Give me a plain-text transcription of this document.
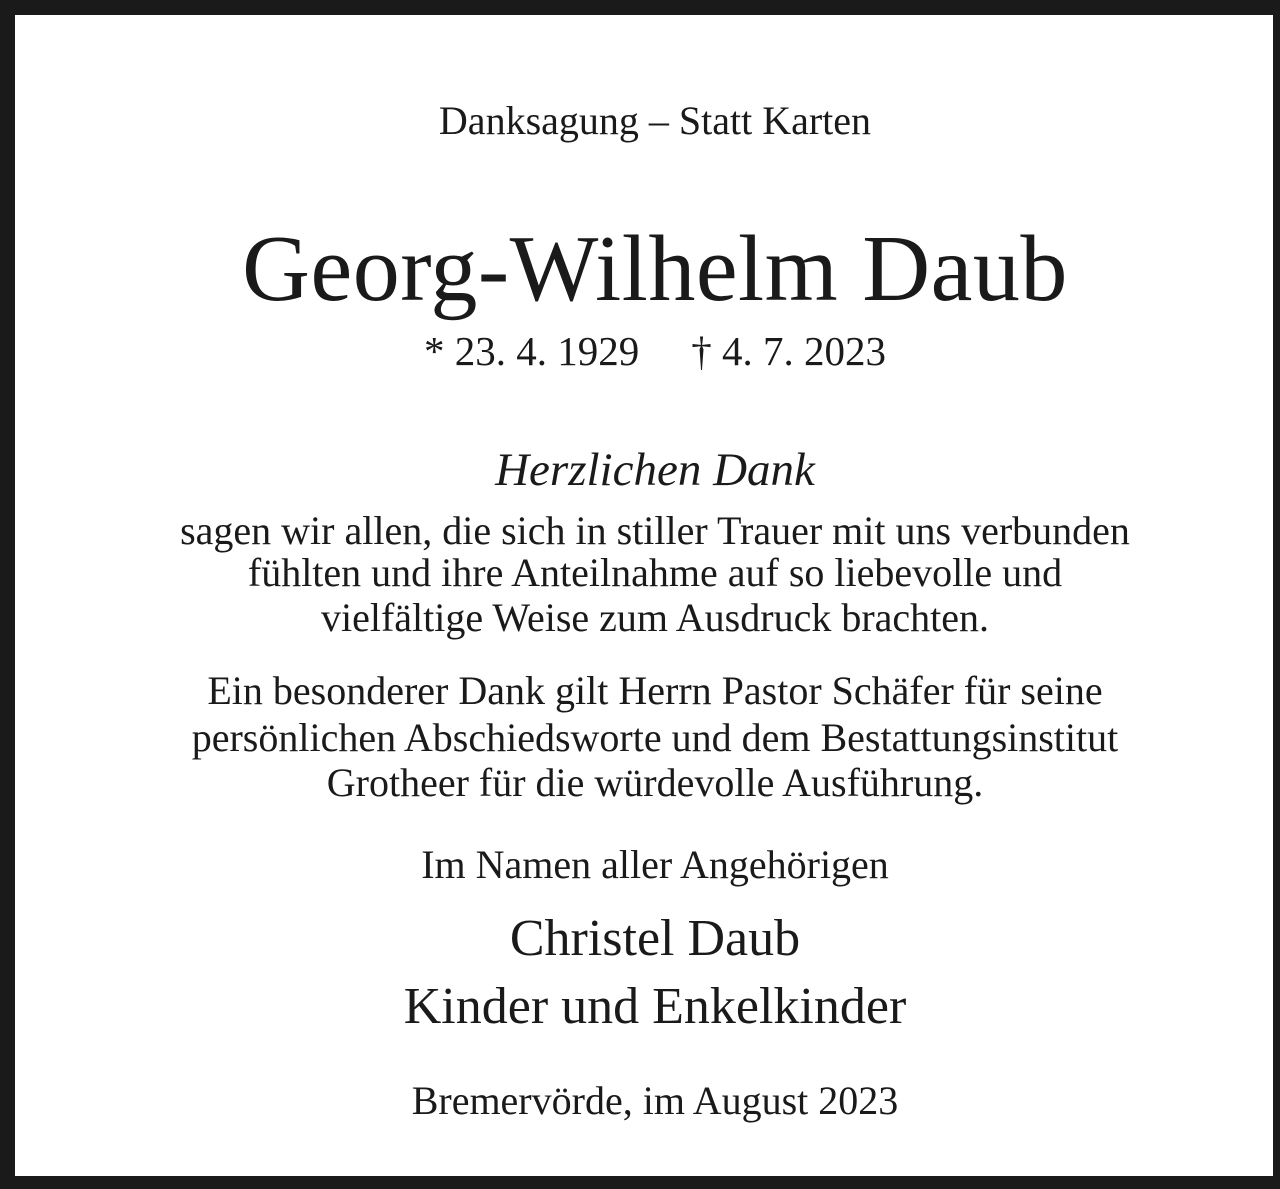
Danksagung – Statt Karten
Georg-Wilhelm Daub
* 23. 4. 1929 † 4. 7. 2023
Herzlichen Dank
sagen wir allen, die sich in stiller Trauer mit uns verbunden
fühlten und ihre Anteilnahme auf so liebevolle und
vielfältige Weise zum Ausdruck brachten.
Ein besonderer Dank gilt Herrn Pastor Schäfer für seine
persönlichen Abschiedsworte und dem Bestattungsinstitut
Grotheer für die würdevolle Ausführung.
Im Namen aller Angehörigen
Christel Daub
Kinder und Enkelkinder
Bremervörde, im August 2023
